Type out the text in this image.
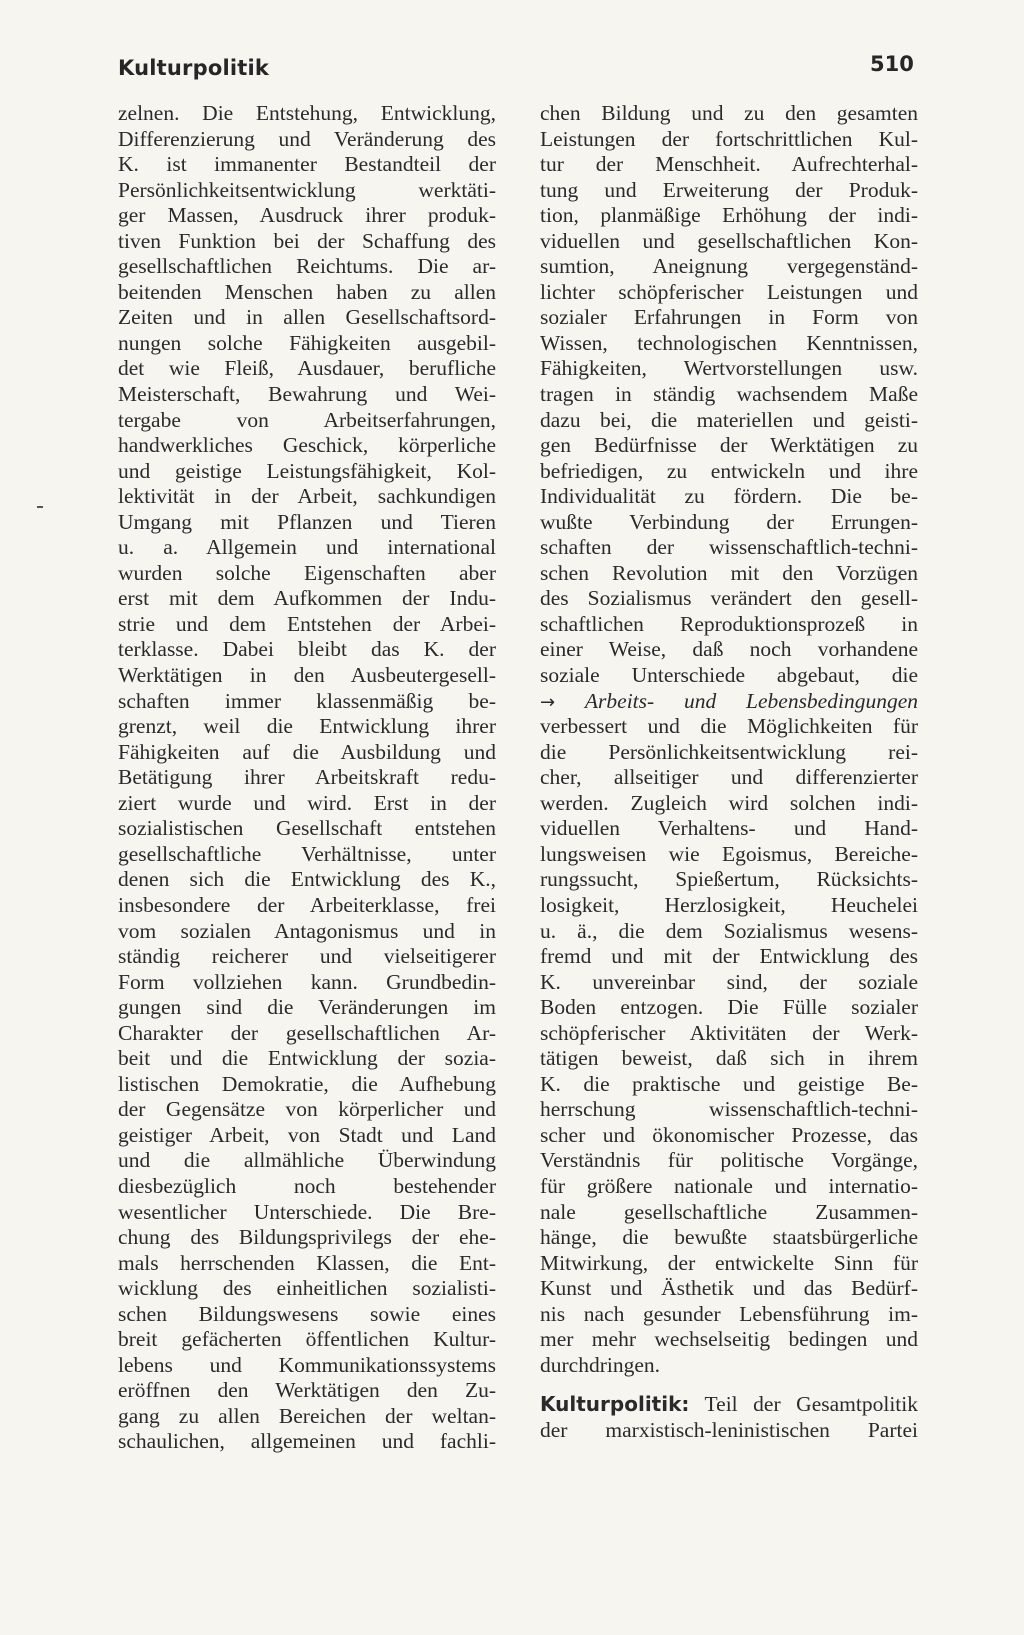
Kulturpolitik	510
zelnen. Die Entstehung, Entwicklung,
Differenzierung und Veränderung des
K. ist immanenter Bestandteil der
Persönlichkeitsentwicklung werktäti-
ger Massen, Ausdruck ihrer produk-
tiven Funktion bei der Schaffung des
gesellschaftlichen Reichtums. Die ar-
beitenden Menschen haben zu allen
Zeiten und in allen Gesellschaftsord-
nungen solche Fähigkeiten ausgebil-
det wie Fleiß, Ausdauer, berufliche
Meisterschaft, Bewahrung und Wei-
tergabe von Arbeitserfahrungen,
handwerkliches Geschick, körperliche
und geistige Leistungsfähigkeit, Kol-
lektivität in der Arbeit, sachkundigen
Umgang mit Pflanzen und Tieren
u. a. Allgemein und international
wurden solche Eigenschaften aber
erst mit dem Aufkommen der Indu-
strie und dem Entstehen der Arbei-
terklasse. Dabei bleibt das K. der
Werktätigen in den Ausbeutergesell-
schaften immer klassenmäßig be-
grenzt, weil die Entwicklung ihrer
Fähigkeiten auf die Ausbildung und
Betätigung ihrer Arbeitskraft redu-
ziert wurde und wird. Erst in der
sozialistischen Gesellschaft entstehen
gesellschaftliche Verhältnisse, unter
denen sich die Entwicklung des K.,
insbesondere der Arbeiterklasse, frei
vom sozialen Antagonismus und in
ständig reicherer und vielseitigerer
Form vollziehen kann. Grundbedin-
gungen sind die Veränderungen im
Charakter der gesellschaftlichen Ar-
beit und die Entwicklung der sozia-
listischen Demokratie, die Aufhebung
der Gegensätze von körperlicher und
geistiger Arbeit, von Stadt und Land
und die allmähliche Überwindung
diesbezüglich noch bestehender
wesentlicher Unterschiede. Die Bre-
chung des Bildungsprivilegs der ehe-
mals herrschenden Klassen, die Ent-
wicklung des einheitlichen sozialisti-
schen Bildungswesens sowie eines
breit gefächerten öffentlichen Kultur-
lebens und Kommunikationssystems
eröffnen den Werktätigen den Zu-
gang zu allen Bereichen der weltan-
schaulichen, allgemeinen und fachli-
chen Bildung und zu den gesamten
Leistungen der fortschrittlichen Kul-
tur der Menschheit. Aufrechterhal-
tung und Erweiterung der Produk-
tion, planmäßige Erhöhung der indi-
viduellen und gesellschaftlichen Kon-
sumtion, Aneignung vergegenständ-
lichter schöpferischer Leistungen und
sozialer Erfahrungen in Form von
Wissen, technologischen Kenntnissen,
Fähigkeiten, Wertvorstellungen usw.
tragen in ständig wachsendem Maße
dazu bei, die materiellen und geisti-
gen Bedürfnisse der Werktätigen zu
befriedigen, zu entwickeln und ihre
Individualität zu fördern. Die be-
wußte Verbindung der Errungen-
schaften der wissenschaftlich-techni-
schen Revolution mit den Vorzügen
des Sozialismus verändert den gesell-
schaftlichen Reproduktionsprozeß in
einer Weise, daß noch vorhandene
soziale Unterschiede abgebaut, die
→ Arbeits- und Lebensbedingungen
verbessert und die Möglichkeiten für
die Persönlichkeitsentwicklung rei-
cher, allseitiger und differenzierter
werden. Zugleich wird solchen indi-
viduellen Verhaltens- und Hand-
lungsweisen wie Egoismus, Bereiche-
rungssucht, Spießertum, Rücksichts-
losigkeit, Herzlosigkeit, Heuchelei
u. ä., die dem Sozialismus wesens-
fremd und mit der Entwicklung des
K. unvereinbar sind, der soziale
Boden entzogen. Die Fülle sozialer
schöpferischer Aktivitäten der Werk-
tätigen beweist, daß sich in ihrem
K. die praktische und geistige Be-
herrschung wissenschaftlich-techni-
scher und ökonomischer Prozesse, das
Verständnis für politische Vorgänge,
für größere nationale und internatio-
nale gesellschaftliche Zusammen-
hänge, die bewußte staatsbürgerliche
Mitwirkung, der entwickelte Sinn für
Kunst und Ästhetik und das Bedürf-
nis nach gesunder Lebensführung im-
mer mehr wechselseitig bedingen und
durchdringen.
Kulturpolitik: Teil der Gesamtpolitik
der marxistisch-leninistischen Partei
